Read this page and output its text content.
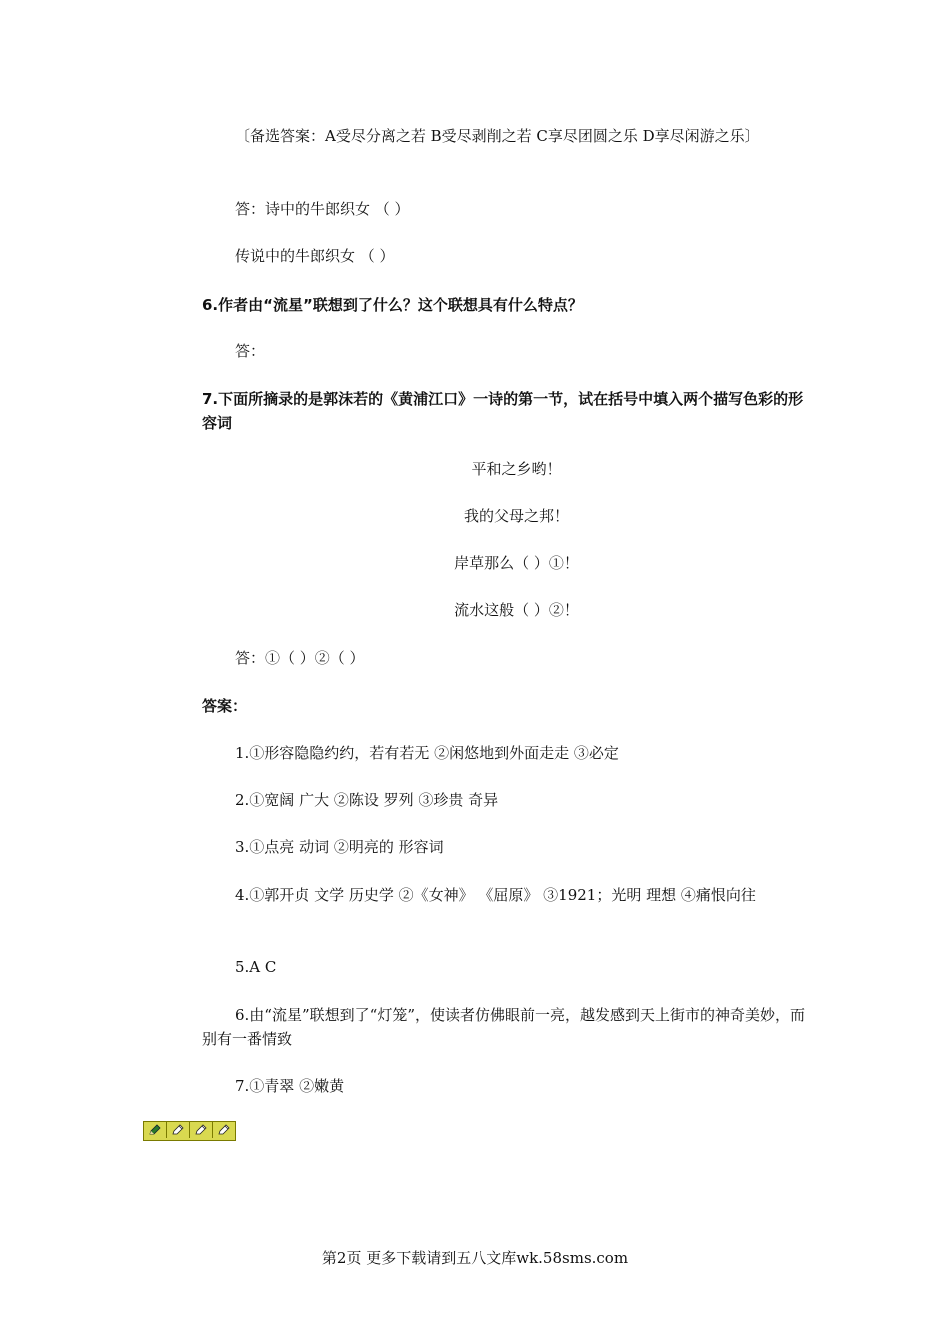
〔备选答案：A受尽分离之若 B受尽剥削之若 C享尽团圆之乐 D享尽闲游之乐〕
答：诗中的牛郎织女 （ ）
传说中的牛郎织女 （ ）
6.作者由“流星”联想到了什么？这个联想具有什么特点？
答：
7.下面所摘录的是郭沫若的《黄浦江口》一诗的第一节，试在括号中填入两个描写色彩的形容词
平和之乡哟！
我的父母之邦！
岸草那么（ ）①！
流水这般（ ）②！
答：①（ ）②（ ）
答案：
1.①形容隐隐约约，若有若无 ②闲悠地到外面走走 ③必定
2.①宽阔 广大 ②陈设 罗列 ③珍贵 奇异
3.①点亮 动词 ②明亮的 形容词
4.①郭开贞 文学 历史学 ②《女神》 《屈原》 ③1921；光明 理想 ④痛恨向往
5.A C
6.由“流星”联想到了“灯笼”，使读者仿佛眼前一亮，越发感到天上街市的神奇美妙，而别有一番情致
7.①青翠 ②嫩黄
第2页 更多下载请到五八文库wk.58sms.com
